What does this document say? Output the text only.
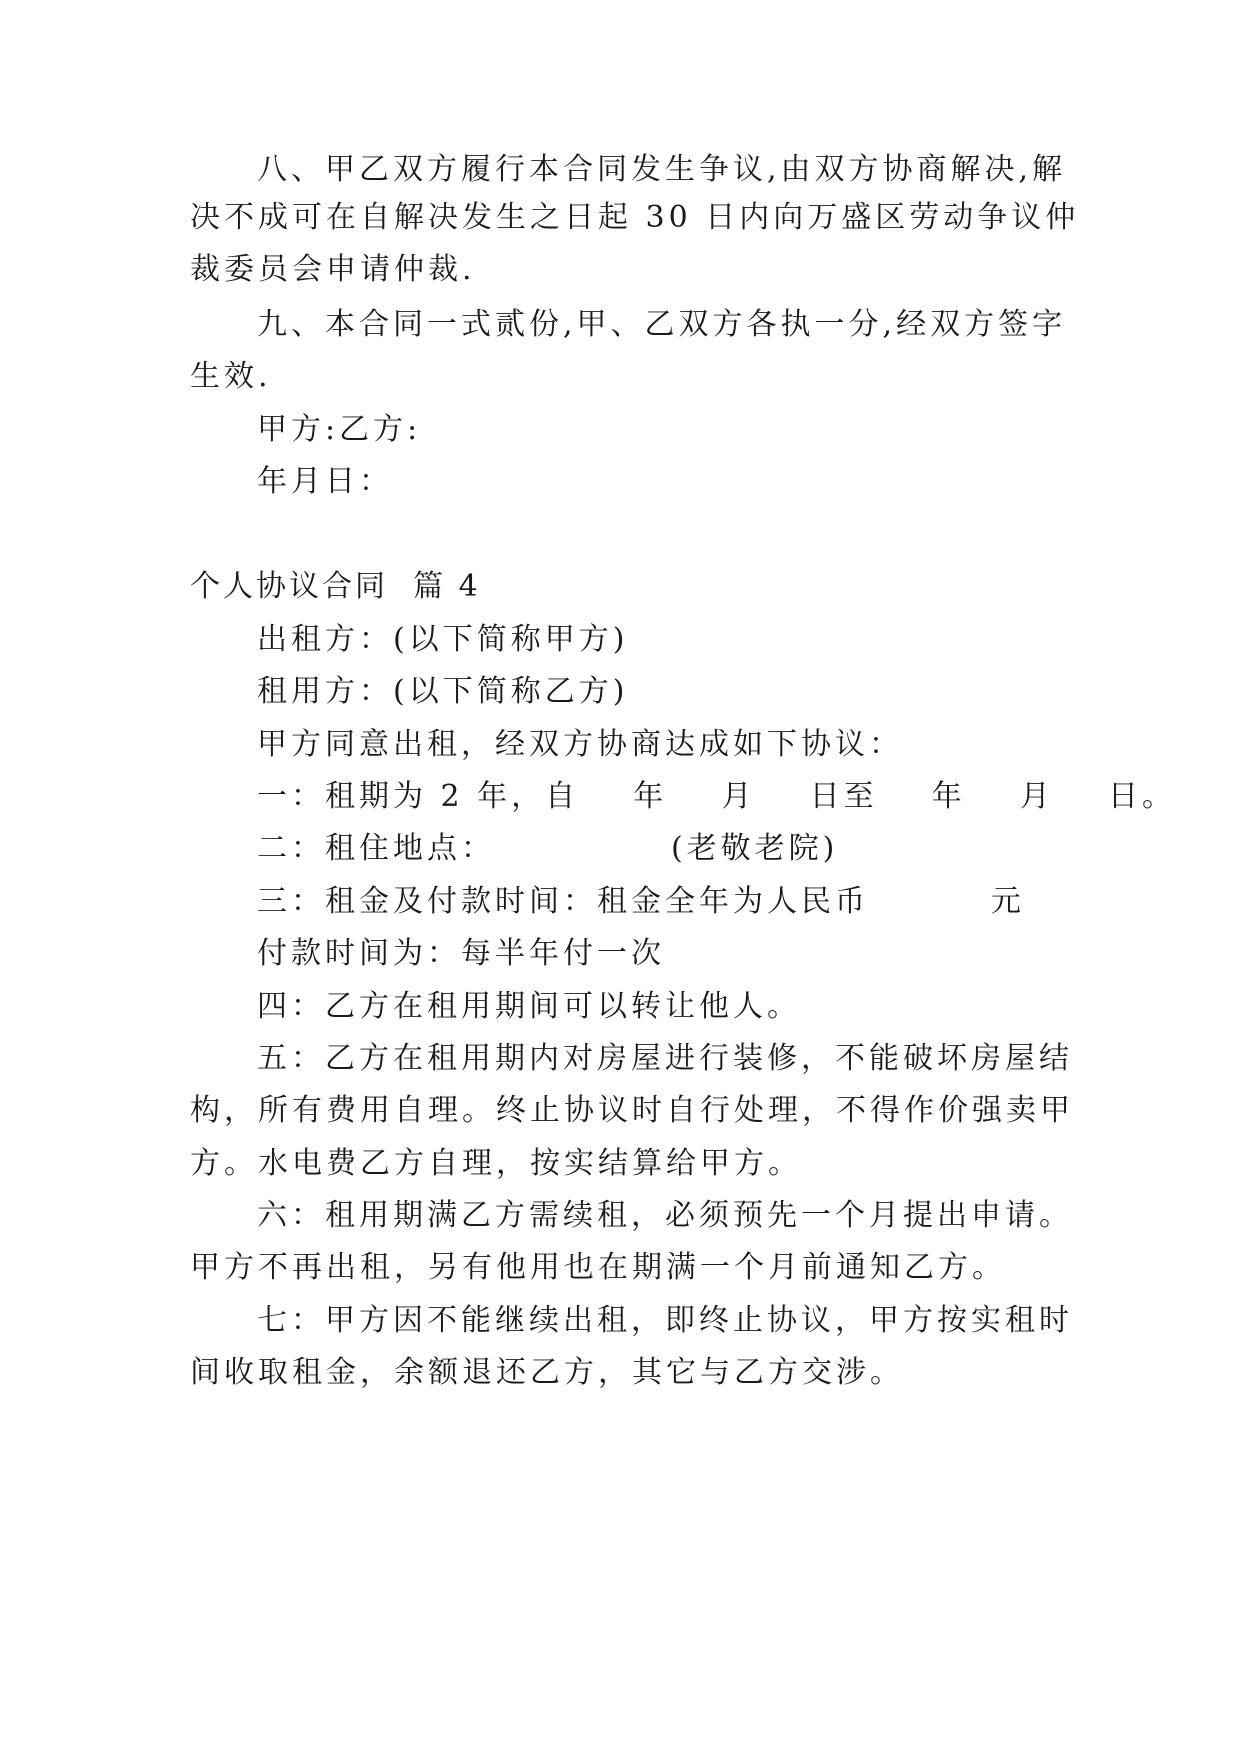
八、甲乙双方履行本合同发生争议,由双方协商解决,解
决不成可在自解决发生之日起 30 日内向万盛区劳动争议仲
裁委员会申请仲裁.
九、本合同一式贰份,甲、乙双方各执一分,经双方签字
生效.
甲方:乙方:
年月日：
个人协议合同  篇 4
出租方：(以下简称甲方)
租用方：(以下简称乙方)
甲方同意出租，经双方协商达成如下协议：
一：租期为 2 年，自    年    月    日至    年    月    日。
二：租住地点：             (老敬老院)
三：租金及付款时间：租金全年为人民币         元
付款时间为：每半年付一次
四：乙方在租用期间可以转让他人。
五：乙方在租用期内对房屋进行装修，不能破坏房屋结
构，所有费用自理。终止协议时自行处理，不得作价强卖甲
方。水电费乙方自理，按实结算给甲方。
六：租用期满乙方需续租，必须预先一个月提出申请。
甲方不再出租，另有他用也在期满一个月前通知乙方。
七：甲方因不能继续出租，即终止协议，甲方按实租时
间收取租金，余额退还乙方，其它与乙方交涉。
